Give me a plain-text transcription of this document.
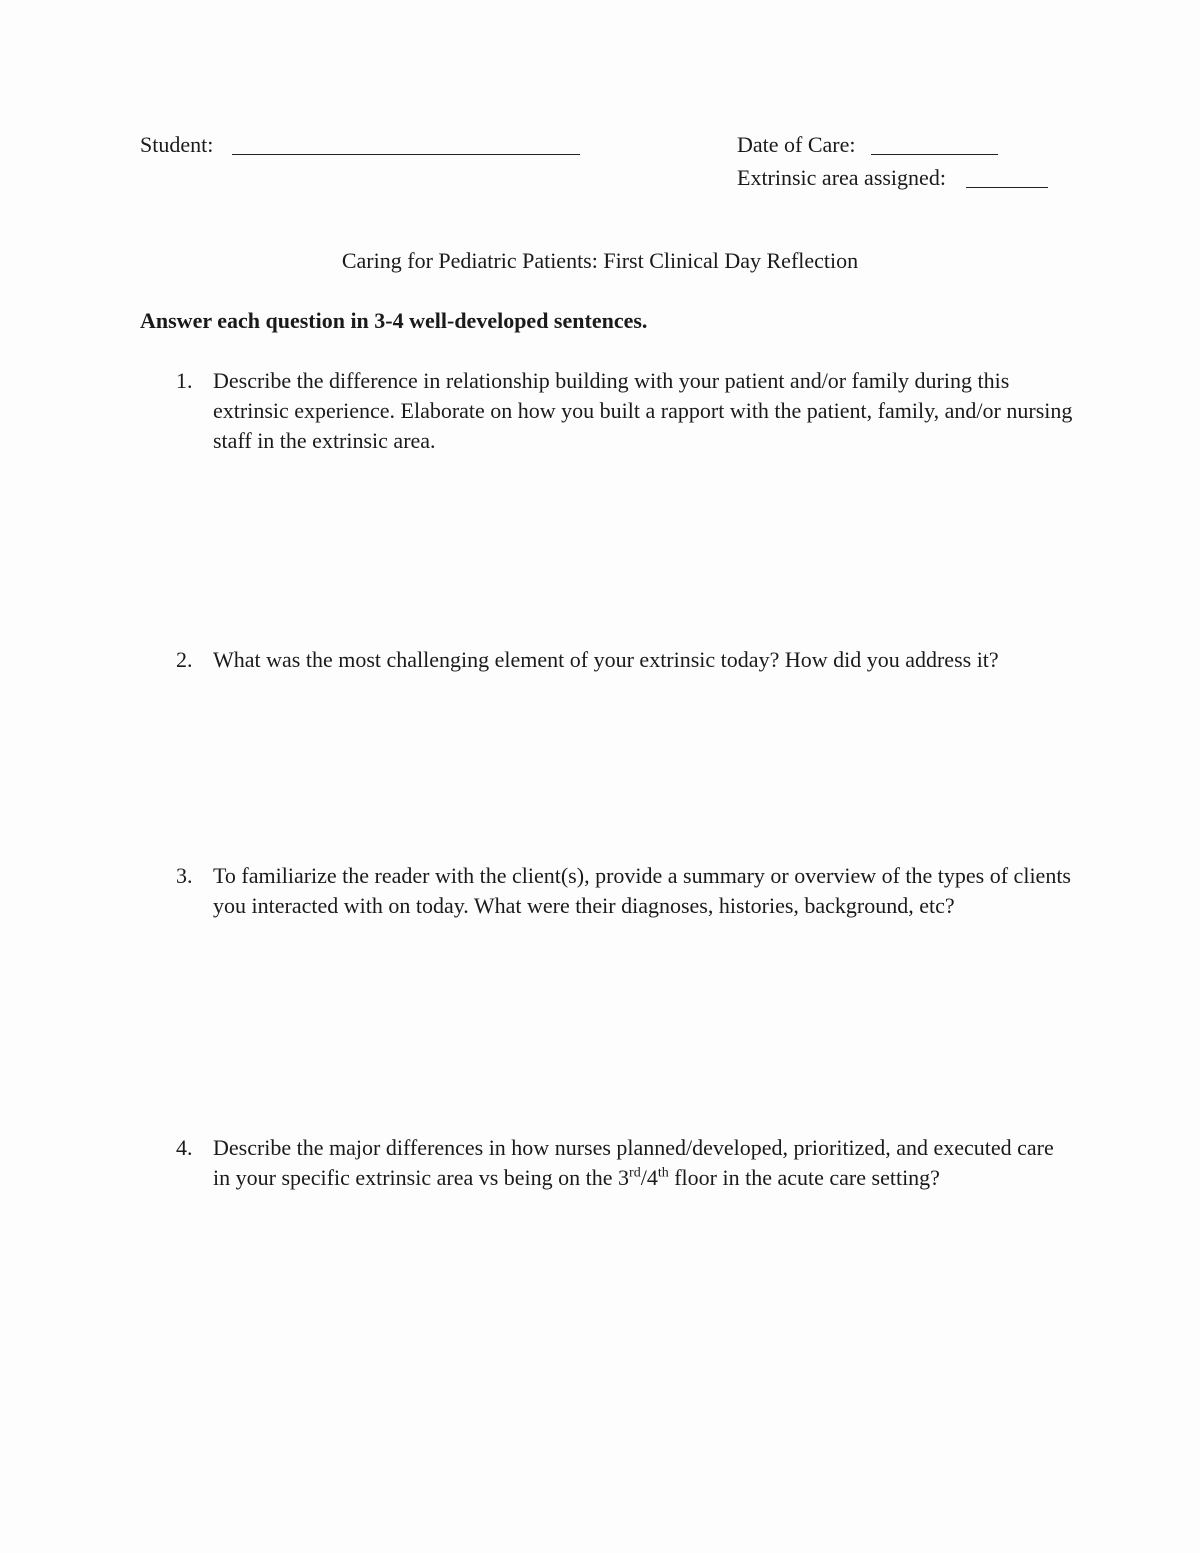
Student:	Date of Care:
Extrinsic area assigned:
Caring for Pediatric Patients: First Clinical Day Reflection
Answer each question in 3-4 well-developed sentences.
1. Describe the difference in relationship building with your patient and/or family during this extrinsic experience. Elaborate on how you built a rapport with the patient, family, and/or nursing staff in the extrinsic area.
2. What was the most challenging element of your extrinsic today? How did you address it?
3. To familiarize the reader with the client(s), provide a summary or overview of the types of clients you interacted with on today. What were their diagnoses, histories, background, etc?
4. Describe the major differences in how nurses planned/developed, prioritized, and executed care in your specific extrinsic area vs being on the 3rd/4th floor in the acute care setting?
